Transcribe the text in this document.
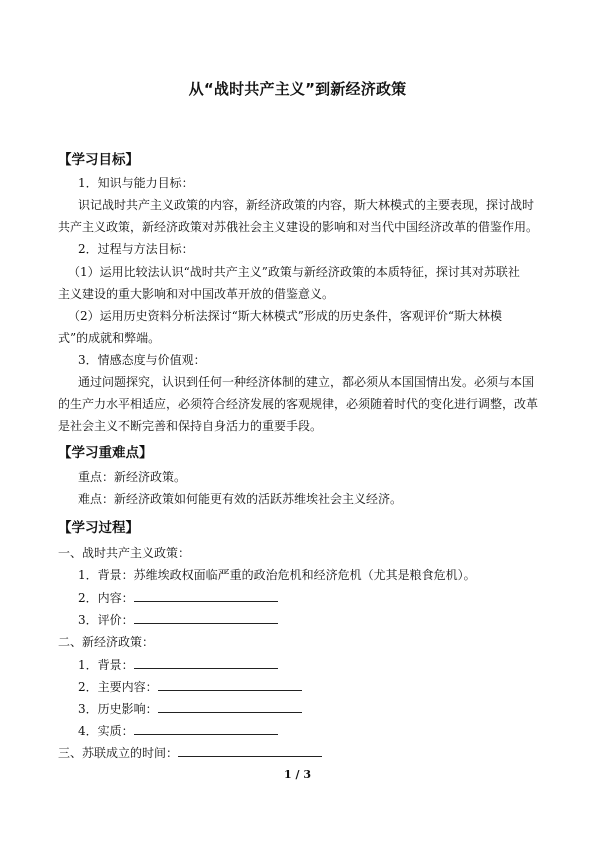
从“战时共产主义”到新经济政策
【学习目标】
1．知识与能力目标：
识记战时共产主义政策的内容，新经济政策的内容，斯大林模式的主要表现，探讨战时
共产主义政策，新经济政策对苏俄社会主义建设的影响和对当代中国经济改革的借鉴作用。
2．过程与方法目标：
（1）运用比较法认识“战时共产主义”政策与新经济政策的本质特征，探讨其对苏联社
主义建设的重大影响和对中国改革开放的借鉴意义。
（2）运用历史资料分析法探讨“斯大林模式”形成的历史条件，客观评价“斯大林模
式”的成就和弊端。
3．情感态度与价值观：
通过问题探究，认识到任何一种经济体制的建立，都必须从本国国情出发。必须与本国
的生产力水平相适应，必须符合经济发展的客观规律，必须随着时代的变化进行调整，改革
是社会主义不断完善和保持自身活力的重要手段。
【学习重难点】
重点：新经济政策。
难点：新经济政策如何能更有效的活跃苏维埃社会主义经济。
【学习过程】
一、战时共产主义政策：
1．背景：苏维埃政权面临严重的政治危机和经济危机（尤其是粮食危机）。
2．内容：
3．评价：
二、新经济政策：
1．背景：
2．主要内容：
3．历史影响：
4．实质：
三、苏联成立的时间：
1 / 3
